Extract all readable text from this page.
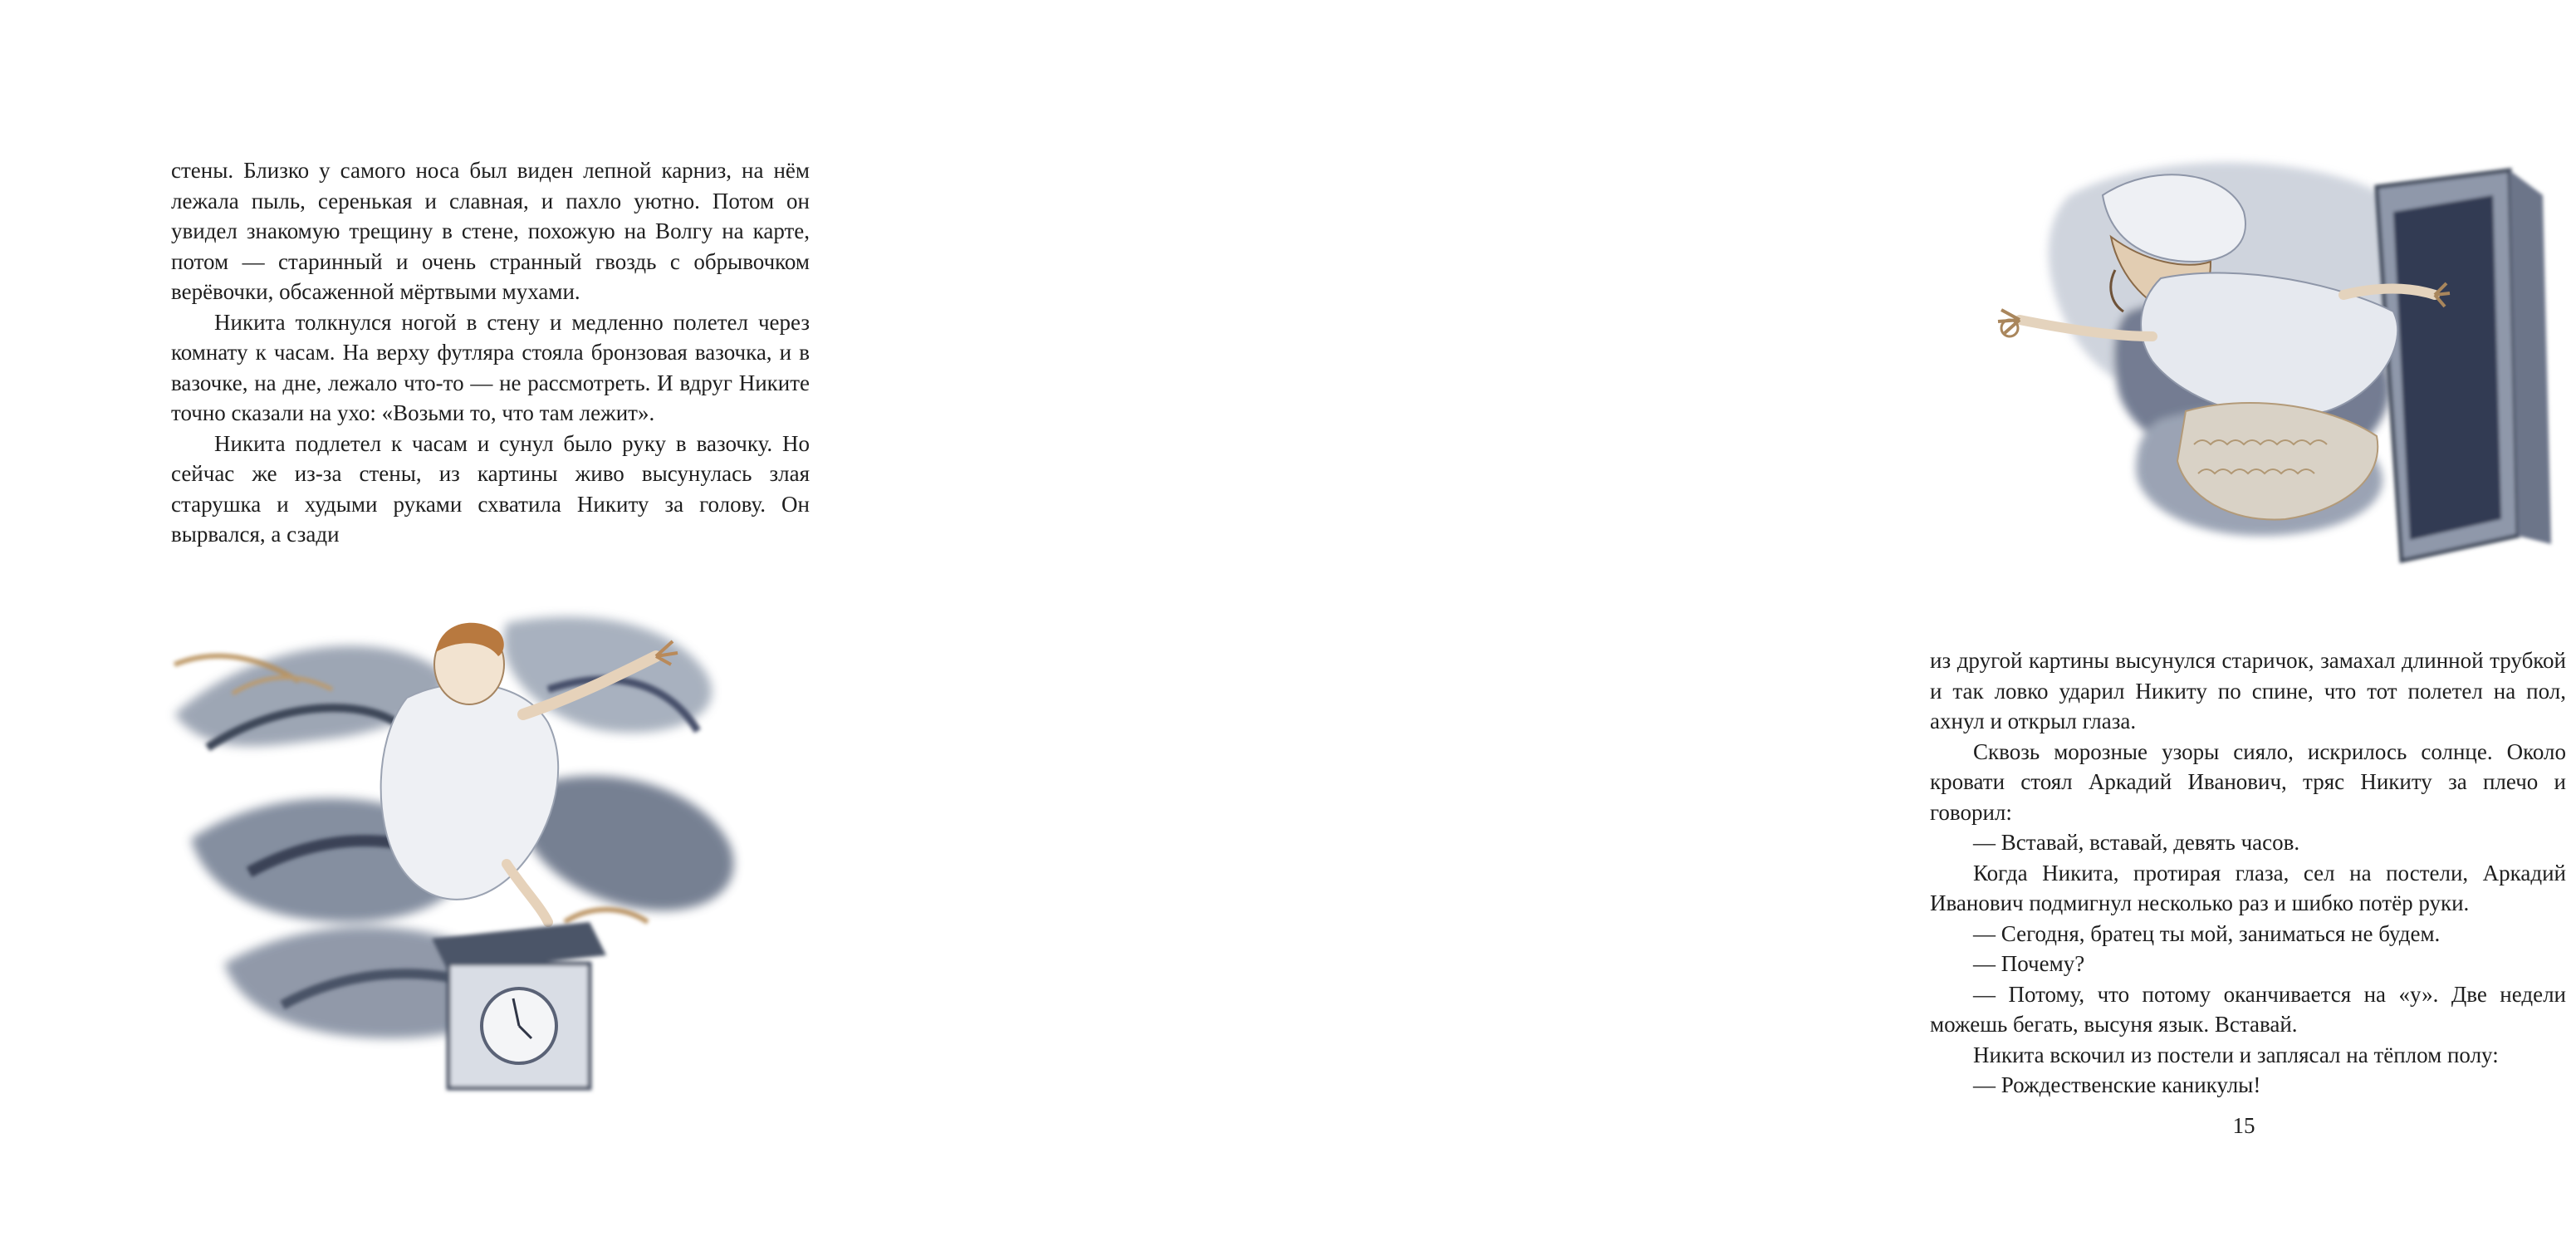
стены. Близко у самого носа был виден лепной карниз, на нём лежала пыль, серенькая и славная, и пахло уютно. Потом он увидел знакомую трещину в стене, похожую на Волгу на карте, потом — старинный и очень странный гвоздь с обрывочком верёвочки, обсаженной мёртвыми мухами.

Никита толкнулся ногой в стену и медленно полетел через комнату к часам. На верху футляра стояла бронзовая вазочка, и в вазочке, на дне, лежало что-то — не рассмотреть. И вдруг Никите точно сказали на ухо: «Возьми то, что там лежит».

Никита подлетел к часам и сунул было руку в вазочку. Но сейчас же из-за стены, из картины живо высунулась злая старушка и худыми руками схватила Никиту за голову. Он вырвался, а сзади

из другой картины высунулся старичок, замахал длинной трубкой и так ловко ударил Никиту по спине, что тот полетел на пол, ахнул и открыл глаза.

Сквозь морозные узоры сияло, искрилось солнце. Около кровати стоял Аркадий Иванович, тряс Никиту за плечо и говорил:

— Вставай, вставай, девять часов.

Когда Никита, протирая глаза, сел на постели, Аркадий Иванович подмигнул несколько раз и шибко потёр руки.

— Сегодня, братец ты мой, заниматься не будем.

— Почему?

— Потому, что потому оканчивается на «у». Две недели можешь бегать, высуня язык. Вставай.

Никита вскочил из постели и заплясал на тёплом полу:

— Рождественские каникулы!

15
